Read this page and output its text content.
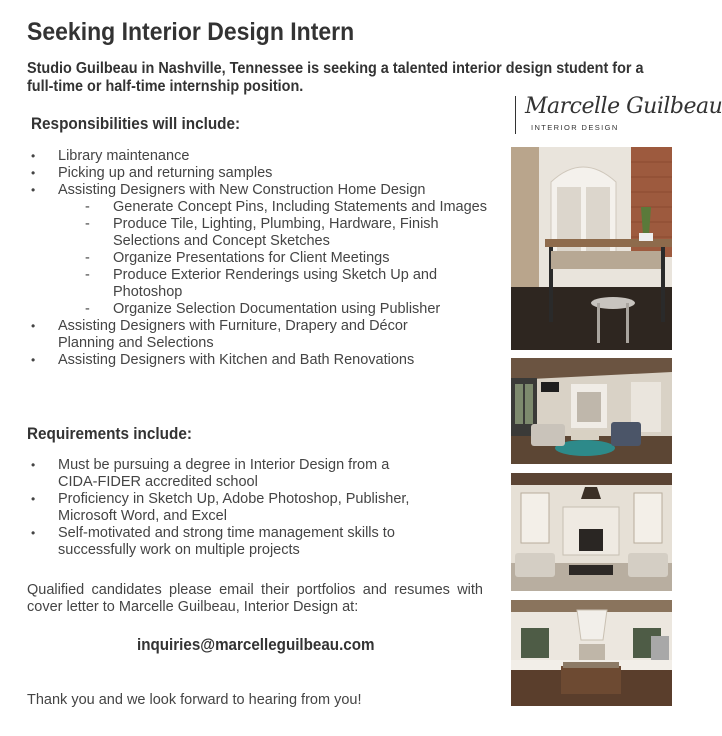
Seeking Interior Design Intern
Studio Guilbeau in Nashville, Tennessee is seeking a talented interior design student for a full-time or half-time internship position.
Marcelle Guilbeau
INTERIOR DESIGN
Responsibilities will include:
• Library maintenance
• Picking up and returning samples
• Assisting Designers with New Construction Home Design
- Generate Concept Pins, Including Statements and Images
- Produce Tile, Lighting, Plumbing, Hardware, Finish Selections and Concept Sketches
- Organize Presentations for Client Meetings
- Produce Exterior Renderings using Sketch Up and Photoshop
- Organize Selection Documentation using Publisher
• Assisting Designers with Furniture, Drapery and Décor Planning and Selections
• Assisting Designers with Kitchen and Bath Renovations
Requirements include:
• Must be pursuing a degree in Interior Design from a CIDA-FIDER accredited school
• Proficiency in Sketch Up, Adobe Photoshop, Publisher, Microsoft Word, and Excel
• Self-motivated and strong time management skills to successfully work on multiple projects
Qualified candidates please email their portfolios and resumes with cover letter to Marcelle Guilbeau, Interior Design at:
inquiries@marcelleguilbeau.com
Thank you and we look forward to hearing from you!
